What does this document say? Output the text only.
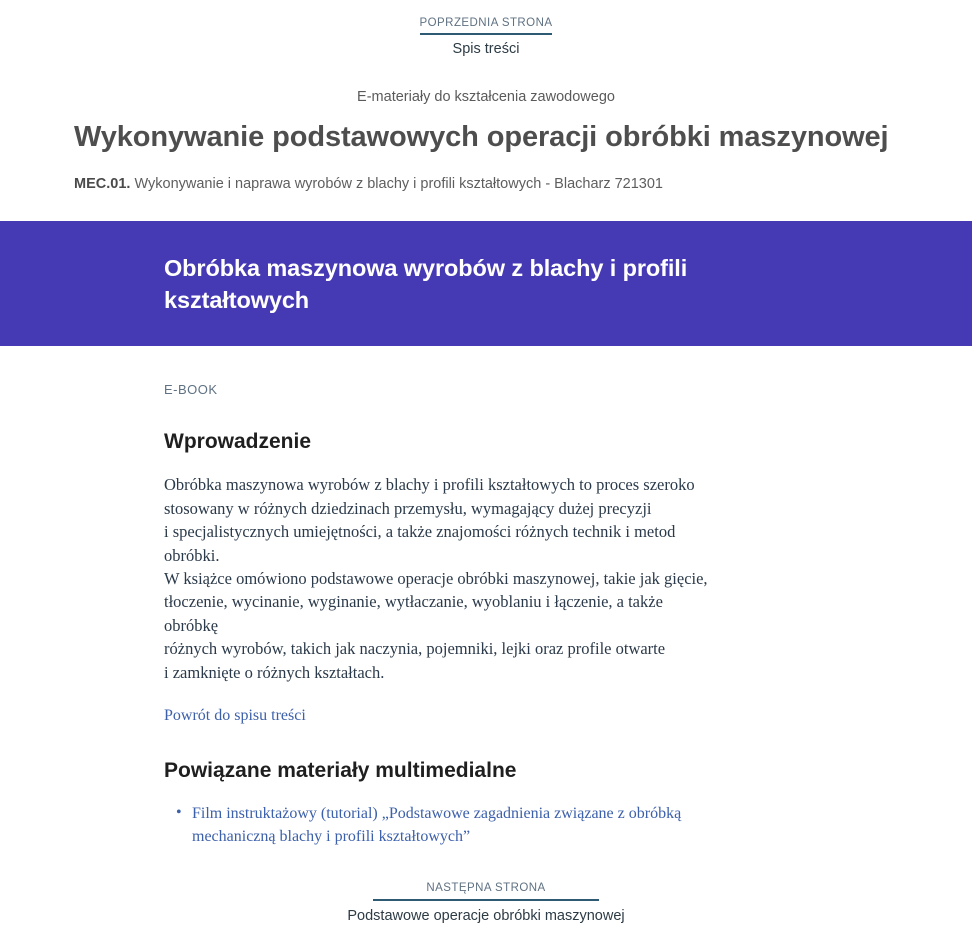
POPRZEDNIA STRONA
Spis treści
E-materiały do kształcenia zawodowego
Wykonywanie podstawowych operacji obróbki maszynowej
MEC.01. Wykonywanie i naprawa wyrobów z blachy i profili kształtowych - Blacharz 721301
Obróbka maszynowa wyrobów z blachy i profili kształtowych
E-BOOK
Wprowadzenie
Obróbka maszynowa wyrobów z blachy i profili kształtowych to proces szeroko
stosowany w różnych dziedzinach przemysłu, wymagający dużej precyzji
i specjalistycznych umiejętności, a także znajomości różnych technik i metod obróbki.
W książce omówiono podstawowe operacje obróbki maszynowej, takie jak gięcie,
tłoczenie, wycinanie, wyginanie, wytłaczanie, wyoblaniu i łączenie, a także obróbkę
różnych wyrobów, takich jak naczynia, pojemniki, lejki oraz profile otwarte
i zamknięte o różnych kształtach.
Powrót do spisu treści
Powiązane materiały multimedialne
• Film instruktażowy (tutorial) „Podstawowe zagadnienia związane z obróbką mechaniczną blachy i profili kształtowych”
NASTĘPNA STRONA
Podstawowe operacje obróbki maszynowej
